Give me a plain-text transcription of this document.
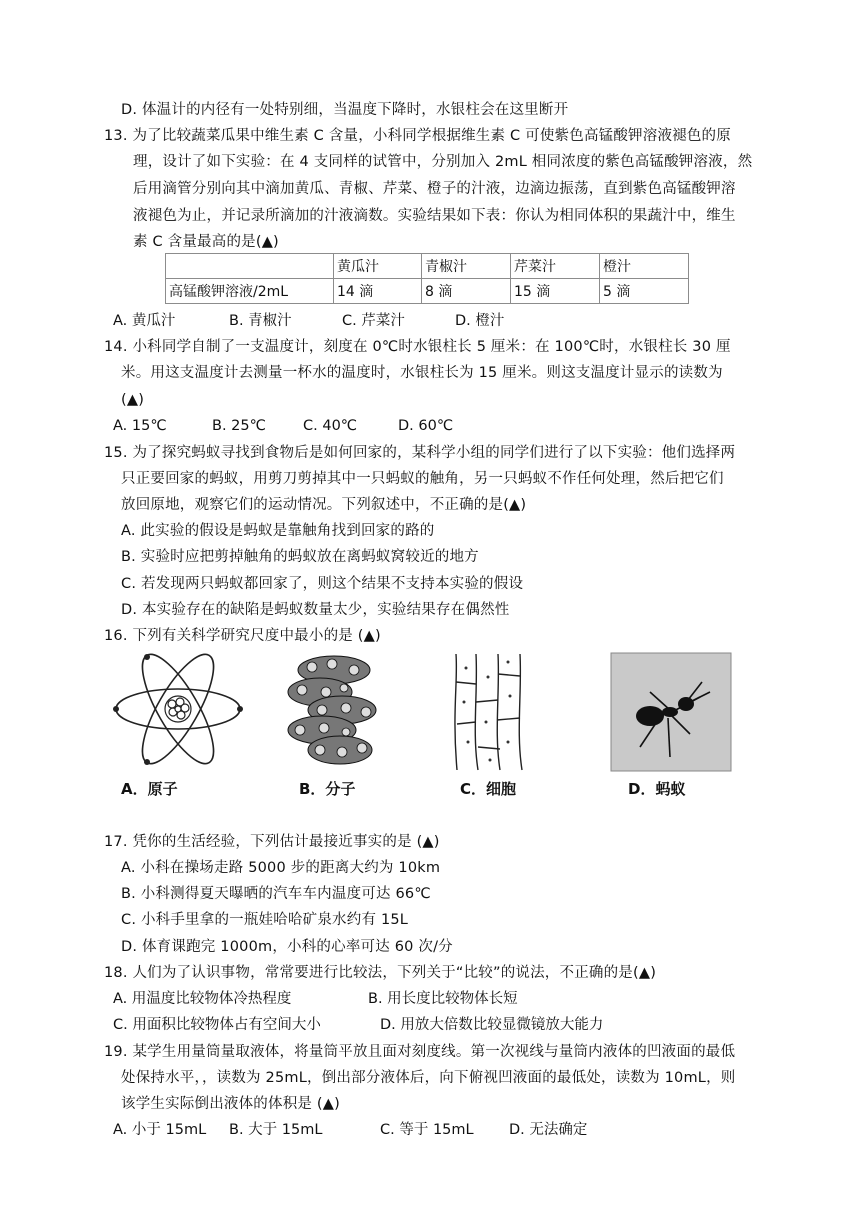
D. 体温计的内径有一处特别细，当温度下降时，水银柱会在这里断开
13. 为了比较蔬菜瓜果中维生素 C 含量，小科同学根据维生素 C 可使紫色高锰酸钾溶液褪色的原
理，设计了如下实验：在 4 支同样的试管中，分别加入 2mL 相同浓度的紫色高锰酸钾溶液，然
后用滴管分别向其中滴加黄瓜、青椒、芹菜、橙子的汁液，边滴边振荡，直到紫色高锰酸钾溶
液褪色为止，并记录所滴加的汁液滴数。实验结果如下表：你认为相同体积的果蔬汁中，维生
素 C 含量最高的是(▲)
	黄瓜汁	青椒汁	芹菜汁	橙汁
高锰酸钾溶液/2mL	14 滴	8 滴	15 滴	5 滴
A. 黄瓜汁	B. 青椒汁	C. 芹菜汁	D. 橙汁
14. 小科同学自制了一支温度计，刻度在 0℃时水银柱长 5 厘米：在 100℃时，水银柱长 30 厘
米。用这支温度计去测量一杯水的温度时，水银柱长为 15 厘米。则这支温度计显示的读数为
(▲)
A. 15℃	B. 25℃	C. 40℃	D. 60℃
15. 为了探究蚂蚁寻找到食物后是如何回家的，某科学小组的同学们进行了以下实验：他们选择两
只正要回家的蚂蚁，用剪刀剪掉其中一只蚂蚁的触角，另一只蚂蚁不作任何处理，然后把它们
放回原地，观察它们的运动情况。下列叙述中，不正确的是(▲)
A. 此实验的假设是蚂蚁是靠触角找到回家的路的
B. 实验时应把剪掉触角的蚂蚁放在离蚂蚁窝较近的地方
C. 若发现两只蚂蚁都回家了，则这个结果不支持本实验的假设
D. 本实验存在的缺陷是蚂蚁数量太少，实验结果存在偶然性
16. 下列有关科学研究尺度中最小的是 (▲)
A．原子	B．分子	C．细胞	D．蚂蚁
17. 凭你的生活经验，下列估计最接近事实的是 (▲)
A. 小科在操场走路 5000 步的距离大约为 10km
B. 小科测得夏天曝晒的汽车车内温度可达 66℃
C. 小科手里拿的一瓶娃哈哈矿泉水约有 15L
D. 体育课跑完 1000m，小科的心率可达 60 次/分
18. 人们为了认识事物，常常要进行比较法，下列关于“比较”的说法，不正确的是(▲)
A. 用温度比较物体冷热程度	B. 用长度比较物体长短
C. 用面积比较物体占有空间大小	D. 用放大倍数比较显微镜放大能力
19. 某学生用量筒量取液体，将量筒平放且面对刻度线。第一次视线与量筒内液体的凹液面的最低
处保持水平，，读数为 25mL，倒出部分液体后，向下俯视凹液面的最低处，读数为 10mL，则
该学生实际倒出液体的体积是 (▲)
A. 小于 15mL B. 大于 15mL	C. 等于 15mL D. 无法确定
